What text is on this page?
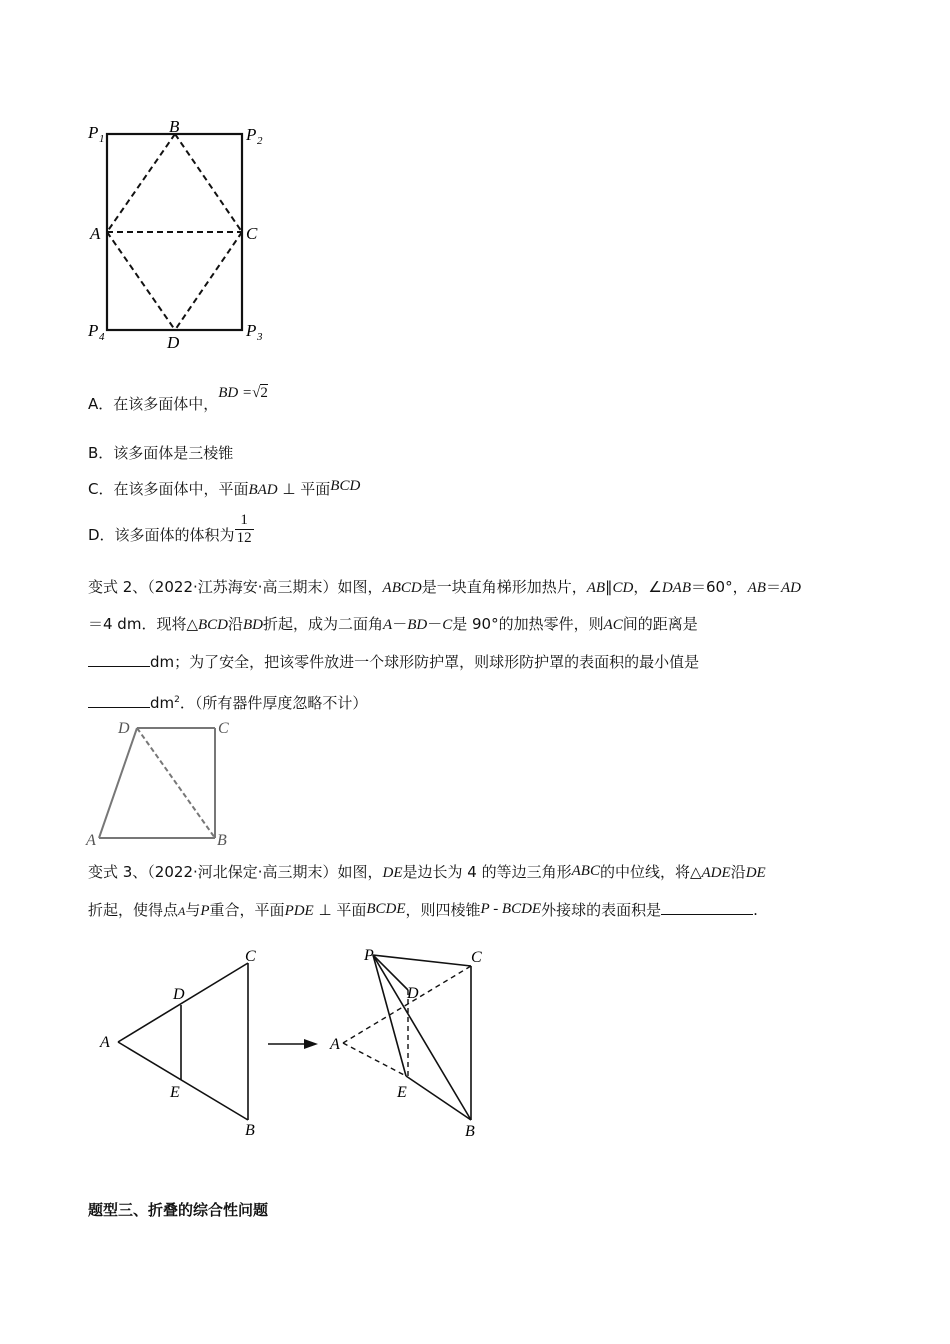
P 1
B	P 2
A	C
P 4	D
P 3
A．在该多面体中，BD =√2
B．该多面体是三棱锥
C．在该多面体中，平面BAD ⊥ 平面BCD
D．该多面体的体积为 $\frac{1}{12}$
变式 2、（2022·江苏海安·高三期末）如图，ABCD是一块直角梯形加热片，AB∥CD，∠DAB＝60°，AB＝AD
＝4 dm．现将△BCD沿BD折起，成为二面角A－BD－C是 90°的加热零件，则AC间的距离是
dm；为了安全，把该零件放进一个球形防护罩，则球形防护罩的表面积的最小值是
$dm^2$．（所有器件厚度忽略不计）
D	C
A	B
变式 3、（2022·河北保定·高三期末）如图，DE是边长为 4 的等边三角形ABC的中位线，将△ADE沿DE
折起，使得点A与P重合，平面PDE ⊥ 平面BCDE，则四棱锥P - BCDE外接球的表面积是	.
A
C
D
E
B
P	C
D
A
E
B
题型三、折叠的综合性问题
